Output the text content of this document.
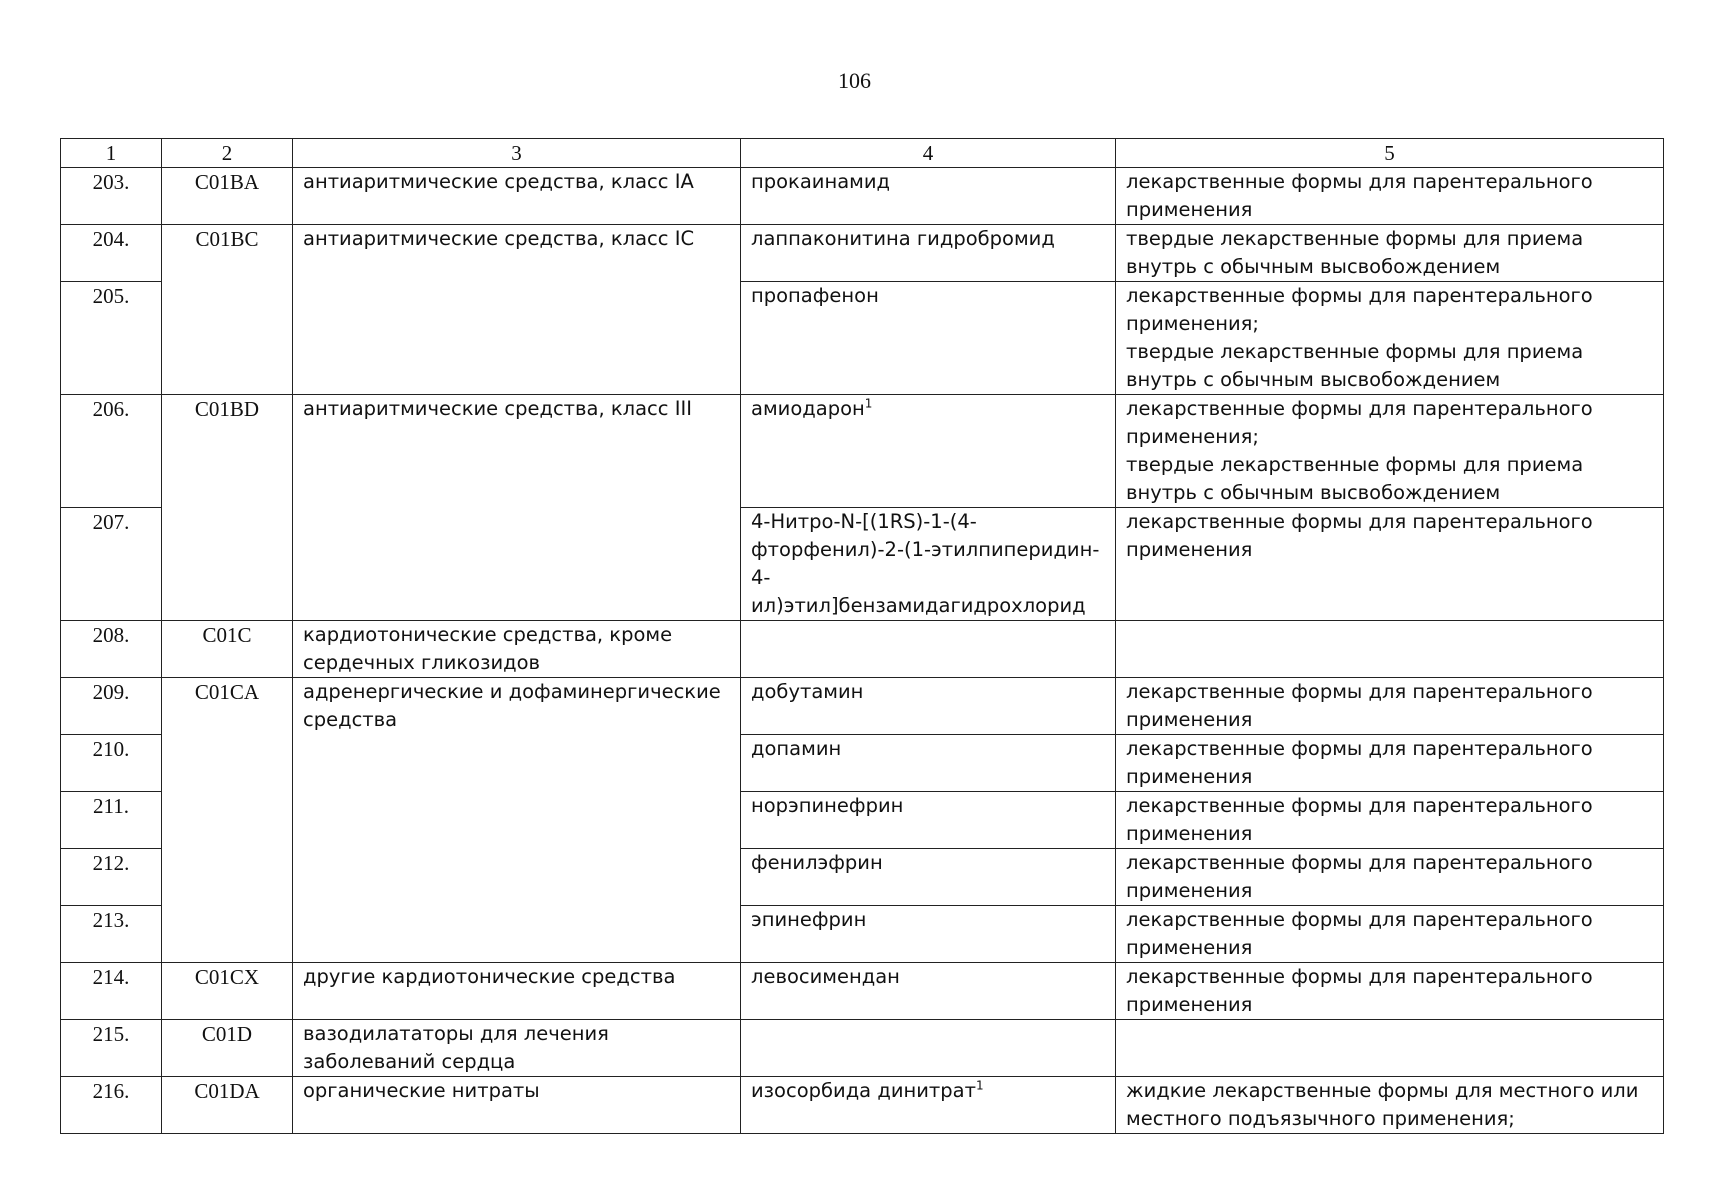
106
1	2	3	4	5
203.	C01BA	антиаритмические средства, класс IA	прокаинамид	лекарственные формы для парентерального применения

204.	C01BC	антиаритмические средства, класс IC	лаппаконитина гидробромид	твердые лекарственные формы для приема внутрь с обычным высвобождением

205.			пропафенон	лекарственные формы для парентерального применения;
твердые лекарственные формы для приема внутрь с обычным высвобождением

206.	C01BD	антиаритмические средства, класс III	амиодарон$^1$	лекарственные формы для парентерального применения;
твердые лекарственные формы для приема внутрь с обычным высвобождением

207.			4-Нитро-N-[(1RS)-1-(4-
фторфенил)-2-(1-этилпиперидин-
4-ил)этил]бензамидагидрохлорид	лекарственные формы для парентерального применения

208.	C01C	кардиотонические средства, кроме сердечных гликозидов		
209.	C01CA	адренергические и дофаминергические средства	добутамин	лекарственные формы для парентерального применения

210.			допамин	лекарственные формы для парентерального применения

211.			норэпинефрин	лекарственные формы для парентерального применения

212.			фенилэфрин	лекарственные формы для парентерального применения

213.			эпинефрин	лекарственные формы для парентерального применения

214.	C01CX	другие кардиотонические средства	левосимендан	лекарственные формы для парентерального применения

215.	C01D	вазодилататоры для лечения заболеваний сердца		
216.	C01DA	органические нитраты	изосорбида динитрат$^1$	жидкие лекарственные формы для местного или местного подъязычного применения;
